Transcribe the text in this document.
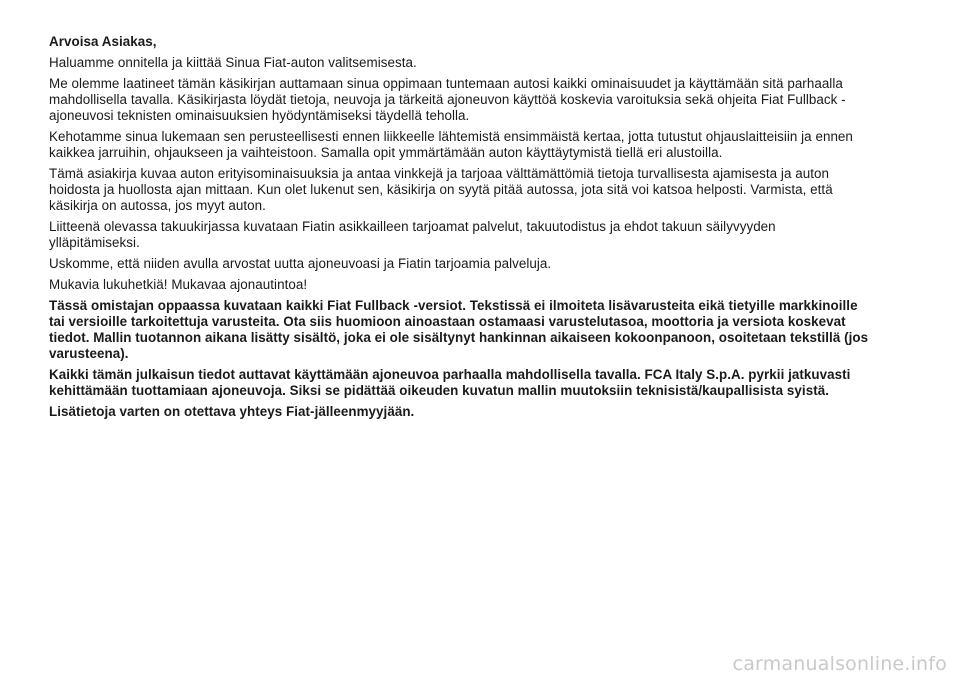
Arvoisa Asiakas,

Haluamme onnitella ja kiittää Sinua Fiat-auton valitsemisesta.

Me olemme laatineet tämän käsikirjan auttamaan sinua oppimaan tuntemaan autosi kaikki ominaisuudet ja käyttämään sitä parhaalla mahdollisella tavalla. Käsikirjasta löydät tietoja, neuvoja ja tärkeitä ajoneuvon käyttöä koskevia varoituksia sekä ohjeita Fiat Fullback -ajoneuvosi teknisten ominaisuuksien hyödyntämiseksi täydellä teholla.

Kehotamme sinua lukemaan sen perusteellisesti ennen liikkeelle lähtemistä ensimmäistä kertaa, jotta tutustut ohjauslaitteisiin ja ennen kaikkea jarruihin, ohjaukseen ja vaihteistoon. Samalla opit ymmärtämään auton käyttäytymistä tiellä eri alustoilla.

Tämä asiakirja kuvaa auton erityisominaisuuksia ja antaa vinkkejä ja tarjoaa välttämättömiä tietoja turvallisesta ajamisesta ja auton hoidosta ja huollosta ajan mittaan. Kun olet lukenut sen, käsikirja on syytä pitää autossa, jota sitä voi katsoa helposti. Varmista, että käsikirja on autossa, jos myyt auton.

Liitteenä olevassa takuukirjassa kuvataan Fiatin asikkailleen tarjoamat palvelut, takuutodistus ja ehdot takuun säilyvyyden ylläpitämiseksi.

Uskomme, että niiden avulla arvostat uutta ajoneuvoasi ja Fiatin tarjoamia palveluja.

Mukavia lukuhetkiä! Mukavaa ajonautintoa!

Tässä omistajan oppaassa kuvataan kaikki Fiat Fullback -versiot. Tekstissä ei ilmoiteta lisävarusteita eikä tietyille markkinoille tai versioille tarkoitettuja varusteita. Ota siis huomioon ainoastaan ostamaasi varustelutasoa, moottoria ja versiota koskevat tiedot. Mallin tuotannon aikana lisätty sisältö, joka ei ole sisältynyt hankinnan aikaiseen kokoonpanoon, osoitetaan tekstillä (jos varusteena).

Kaikki tämän julkaisun tiedot auttavat käyttämään ajoneuvoa parhaalla mahdollisella tavalla. FCA Italy S.p.A. pyrkii jatkuvasti kehittämään tuottamiaan ajoneuvoja. Siksi se pidättää oikeuden kuvatun mallin muutoksiin teknisistä/kaupallisista syistä.

Lisätietoja varten on otettava yhteys Fiat-jälleenmyyjään.

carmanualsonline.info
